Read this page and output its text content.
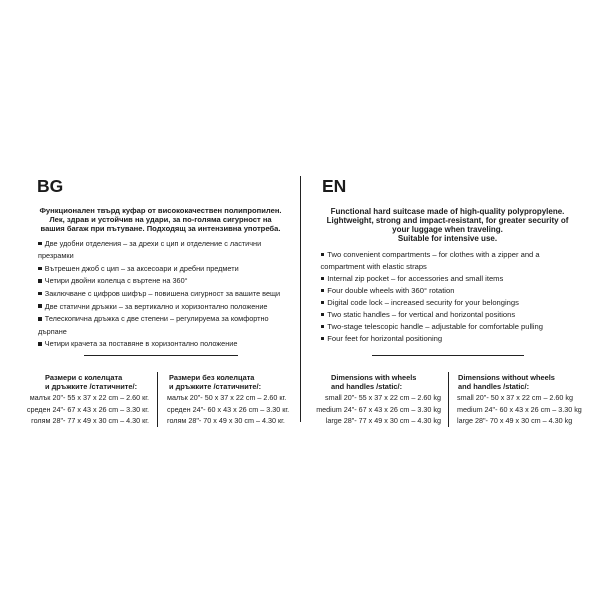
BG
Функционален твърд куфар от висококачествен полипропилен.
Лек, здрав и устойчив на удари, за по-голяма сигурност на
вашия багаж при пътуване. Подходящ за интензивна употреба.
Две удобни отделения – за дрехи с цип и отделение с ластични
презрамки
Вътрешен джоб с цип – за аксесоари и дребни предмети
Четири двойни колелца с въртене на 360°
Заключване с цифров шифър – повишена сигурност за вашите вещи
Две статични дръжки – за вертикално и хоризонтално положение
Телескопична дръжка с две степени – регулируема за комфортно
дърпане
Четири крачета за поставяне в хоризонтално положение
Размери с колелцата
и дръжките /статичните/:
малък 20"- 55 x 37 x 22 cm – 2.60 кг.
среден 24"- 67 x 43 x 26 cm – 3.30 кг.
голям 28"- 77 x 49 x 30 cm – 4.30 кг.
Размери без колелцата
и дръжките /статичните/:
малък 20"- 50 x 37 x 22 cm – 2.60 кг.
среден 24"- 60 x 43 x 26 cm – 3.30 кг.
голям 28"- 70 x 49 x 30 cm – 4.30 кг.
EN
Functional hard suitcase made of high-quality polypropylene.
Lightweight, strong and impact-resistant, for greater security of
your luggage when traveling.
Suitable for intensive use.
Two convenient compartments – for clothes with a zipper and a
compartment with elastic straps
Internal zip pocket – for accessories and small items
Four double wheels with 360° rotation
Digital code lock – increased security for your belongings
Two static handles – for vertical and horizontal positions
Two-stage telescopic handle – adjustable for comfortable pulling
Four feet for horizontal positioning
Dimensions with wheels
and handles /static/:
small 20"- 55 x 37 x 22 cm – 2.60 kg
medium 24"- 67 x 43 x 26 cm – 3.30 kg
large 28"- 77 x 49 x 30 cm – 4.30 kg
Dimensions without wheels
and handles /static/:
small 20"- 50 x 37 x 22 cm – 2.60 kg
medium 24"- 60 x 43 x 26 cm – 3.30 kg
large 28"- 70 x 49 x 30 cm – 4.30 kg
